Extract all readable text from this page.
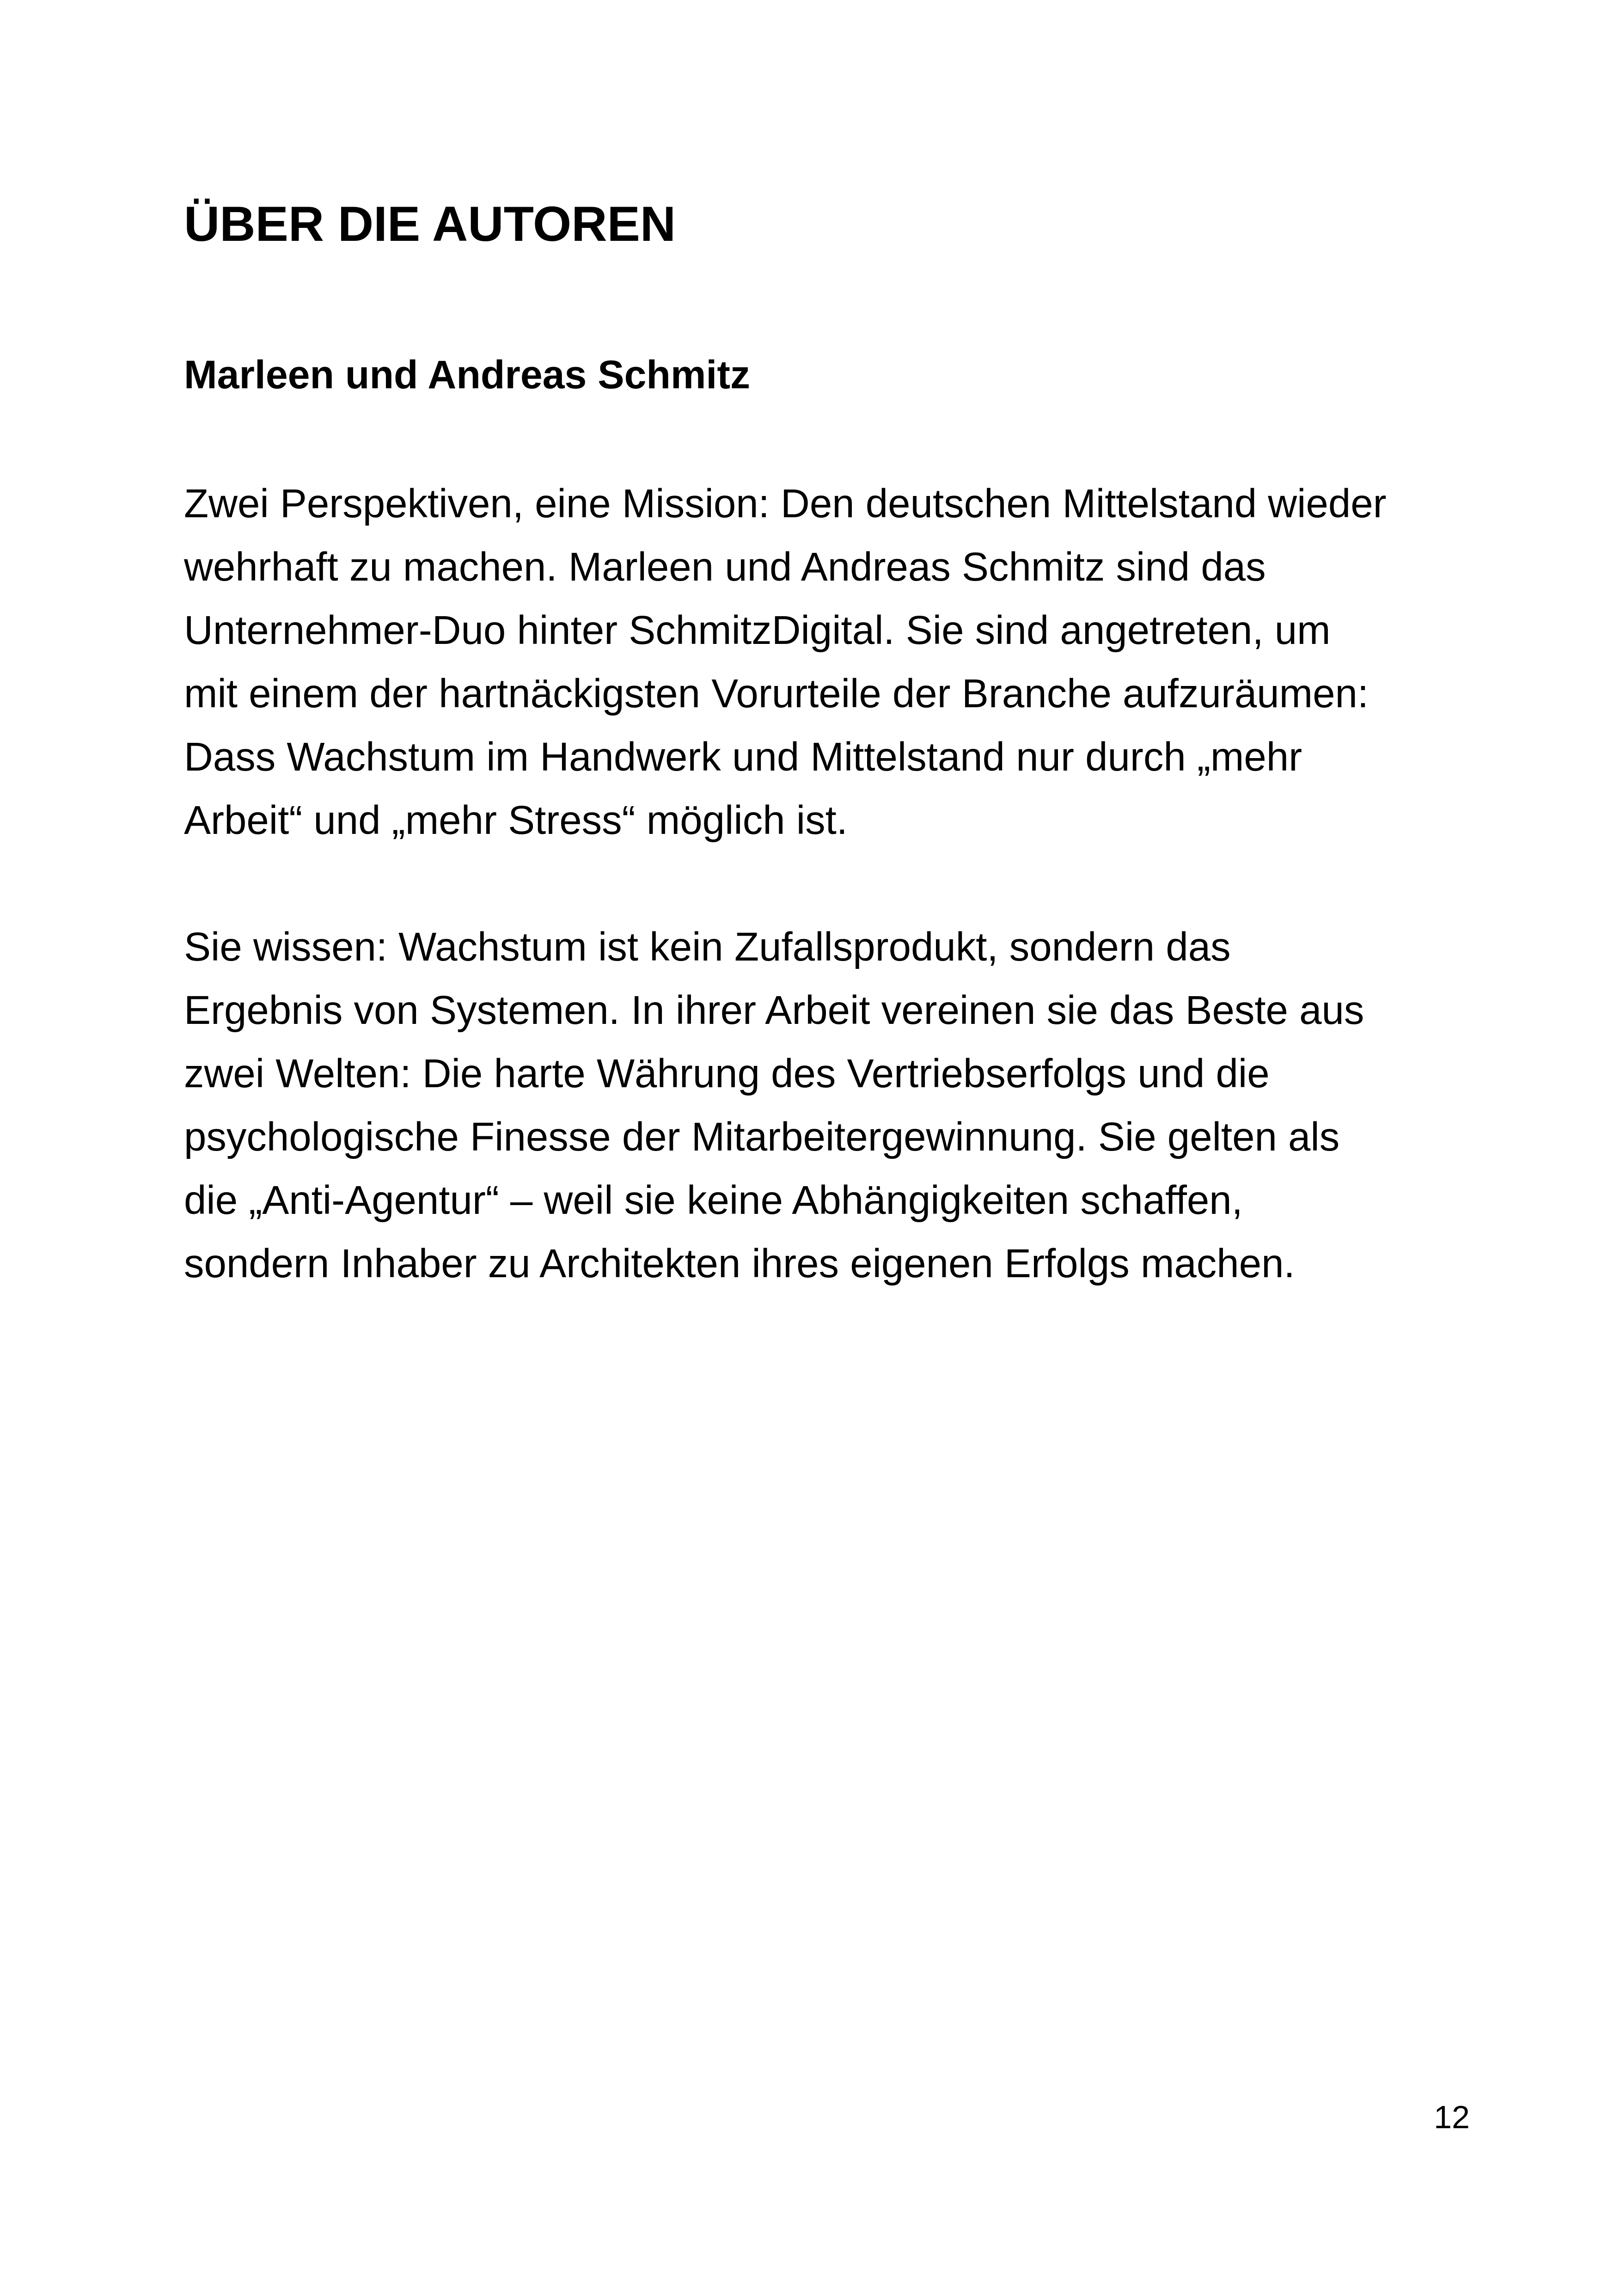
ÜBER DIE AUTOREN
Marleen und Andreas Schmitz

Zwei Perspektiven, eine Mission: Den deutschen Mittelstand wieder
wehrhaft zu machen. Marleen und Andreas Schmitz sind das
Unternehmer-Duo hinter SchmitzDigital. Sie sind angetreten, um
mit einem der hartnäckigsten Vorurteile der Branche aufzuräumen:
Dass Wachstum im Handwerk und Mittelstand nur durch „mehr
Arbeit“ und „mehr Stress“ möglich ist.

Sie wissen: Wachstum ist kein Zufallsprodukt, sondern das
Ergebnis von Systemen. In ihrer Arbeit vereinen sie das Beste aus
zwei Welten: Die harte Währung des Vertriebserfolgs und die
psychologische Finesse der Mitarbeitergewinnung. Sie gelten als
die „Anti-Agentur“ – weil sie keine Abhängigkeiten schaffen,
sondern Inhaber zu Architekten ihres eigenen Erfolgs machen.

12
